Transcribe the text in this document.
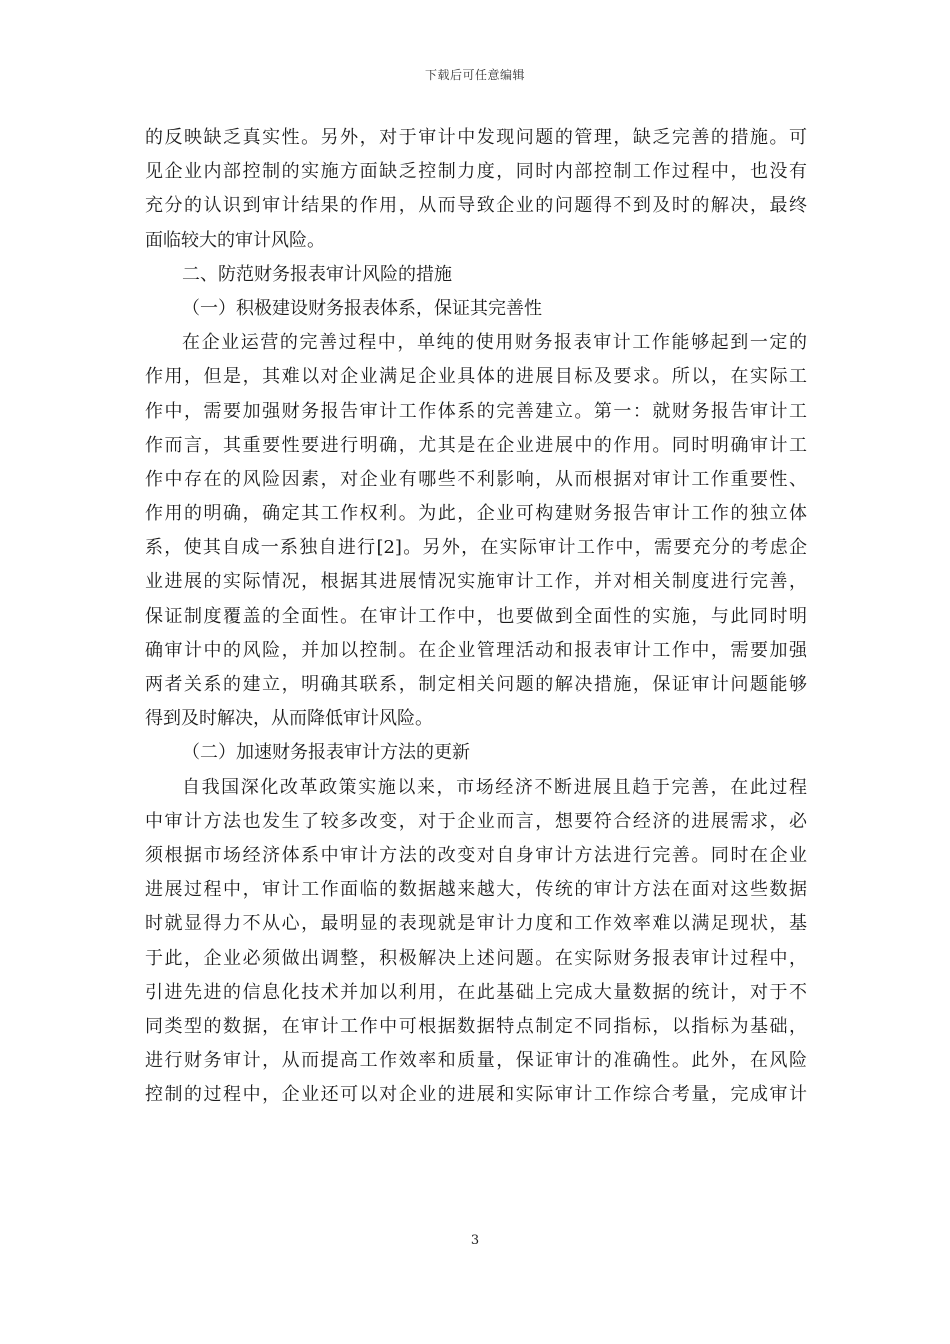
下载后可任意编辑
的反映缺乏真实性。另外，对于审计中发现问题的管理，缺乏完善的措施。可
见企业内部控制的实施方面缺乏控制力度，同时内部控制工作过程中，也没有
充分的认识到审计结果的作用，从而导致企业的问题得不到及时的解决，最终
面临较大的审计风险。
二、防范财务报表审计风险的措施
（一）积极建设财务报表体系，保证其完善性
在企业运营的完善过程中，单纯的使用财务报表审计工作能够起到一定的
作用，但是，其难以对企业满足企业具体的进展目标及要求。所以，在实际工
作中，需要加强财务报告审计工作体系的完善建立。第一：就财务报告审计工
作而言，其重要性要进行明确，尤其是在企业进展中的作用。同时明确审计工
作中存在的风险因素，对企业有哪些不利影响，从而根据对审计工作重要性、
作用的明确，确定其工作权利。为此，企业可构建财务报告审计工作的独立体
系，使其自成一系独自进行[2]。另外，在实际审计工作中，需要充分的考虑企
业进展的实际情况，根据其进展情况实施审计工作，并对相关制度进行完善，
保证制度覆盖的全面性。在审计工作中，也要做到全面性的实施，与此同时明
确审计中的风险，并加以控制。在企业管理活动和报表审计工作中，需要加强
两者关系的建立，明确其联系，制定相关问题的解决措施，保证审计问题能够
得到及时解决，从而降低审计风险。
（二）加速财务报表审计方法的更新
自我国深化改革政策实施以来，市场经济不断进展且趋于完善，在此过程
中审计方法也发生了较多改变，对于企业而言，想要符合经济的进展需求，必
须根据市场经济体系中审计方法的改变对自身审计方法进行完善。同时在企业
进展过程中，审计工作面临的数据越来越大，传统的审计方法在面对这些数据
时就显得力不从心，最明显的表现就是审计力度和工作效率难以满足现状，基
于此，企业必须做出调整，积极解决上述问题。在实际财务报表审计过程中，
引进先进的信息化技术并加以利用，在此基础上完成大量数据的统计，对于不
同类型的数据，在审计工作中可根据数据特点制定不同指标，以指标为基础，
进行财务审计，从而提高工作效率和质量，保证审计的准确性。此外，在风险
控制的过程中，企业还可以对企业的进展和实际审计工作综合考量，完成审计
3
